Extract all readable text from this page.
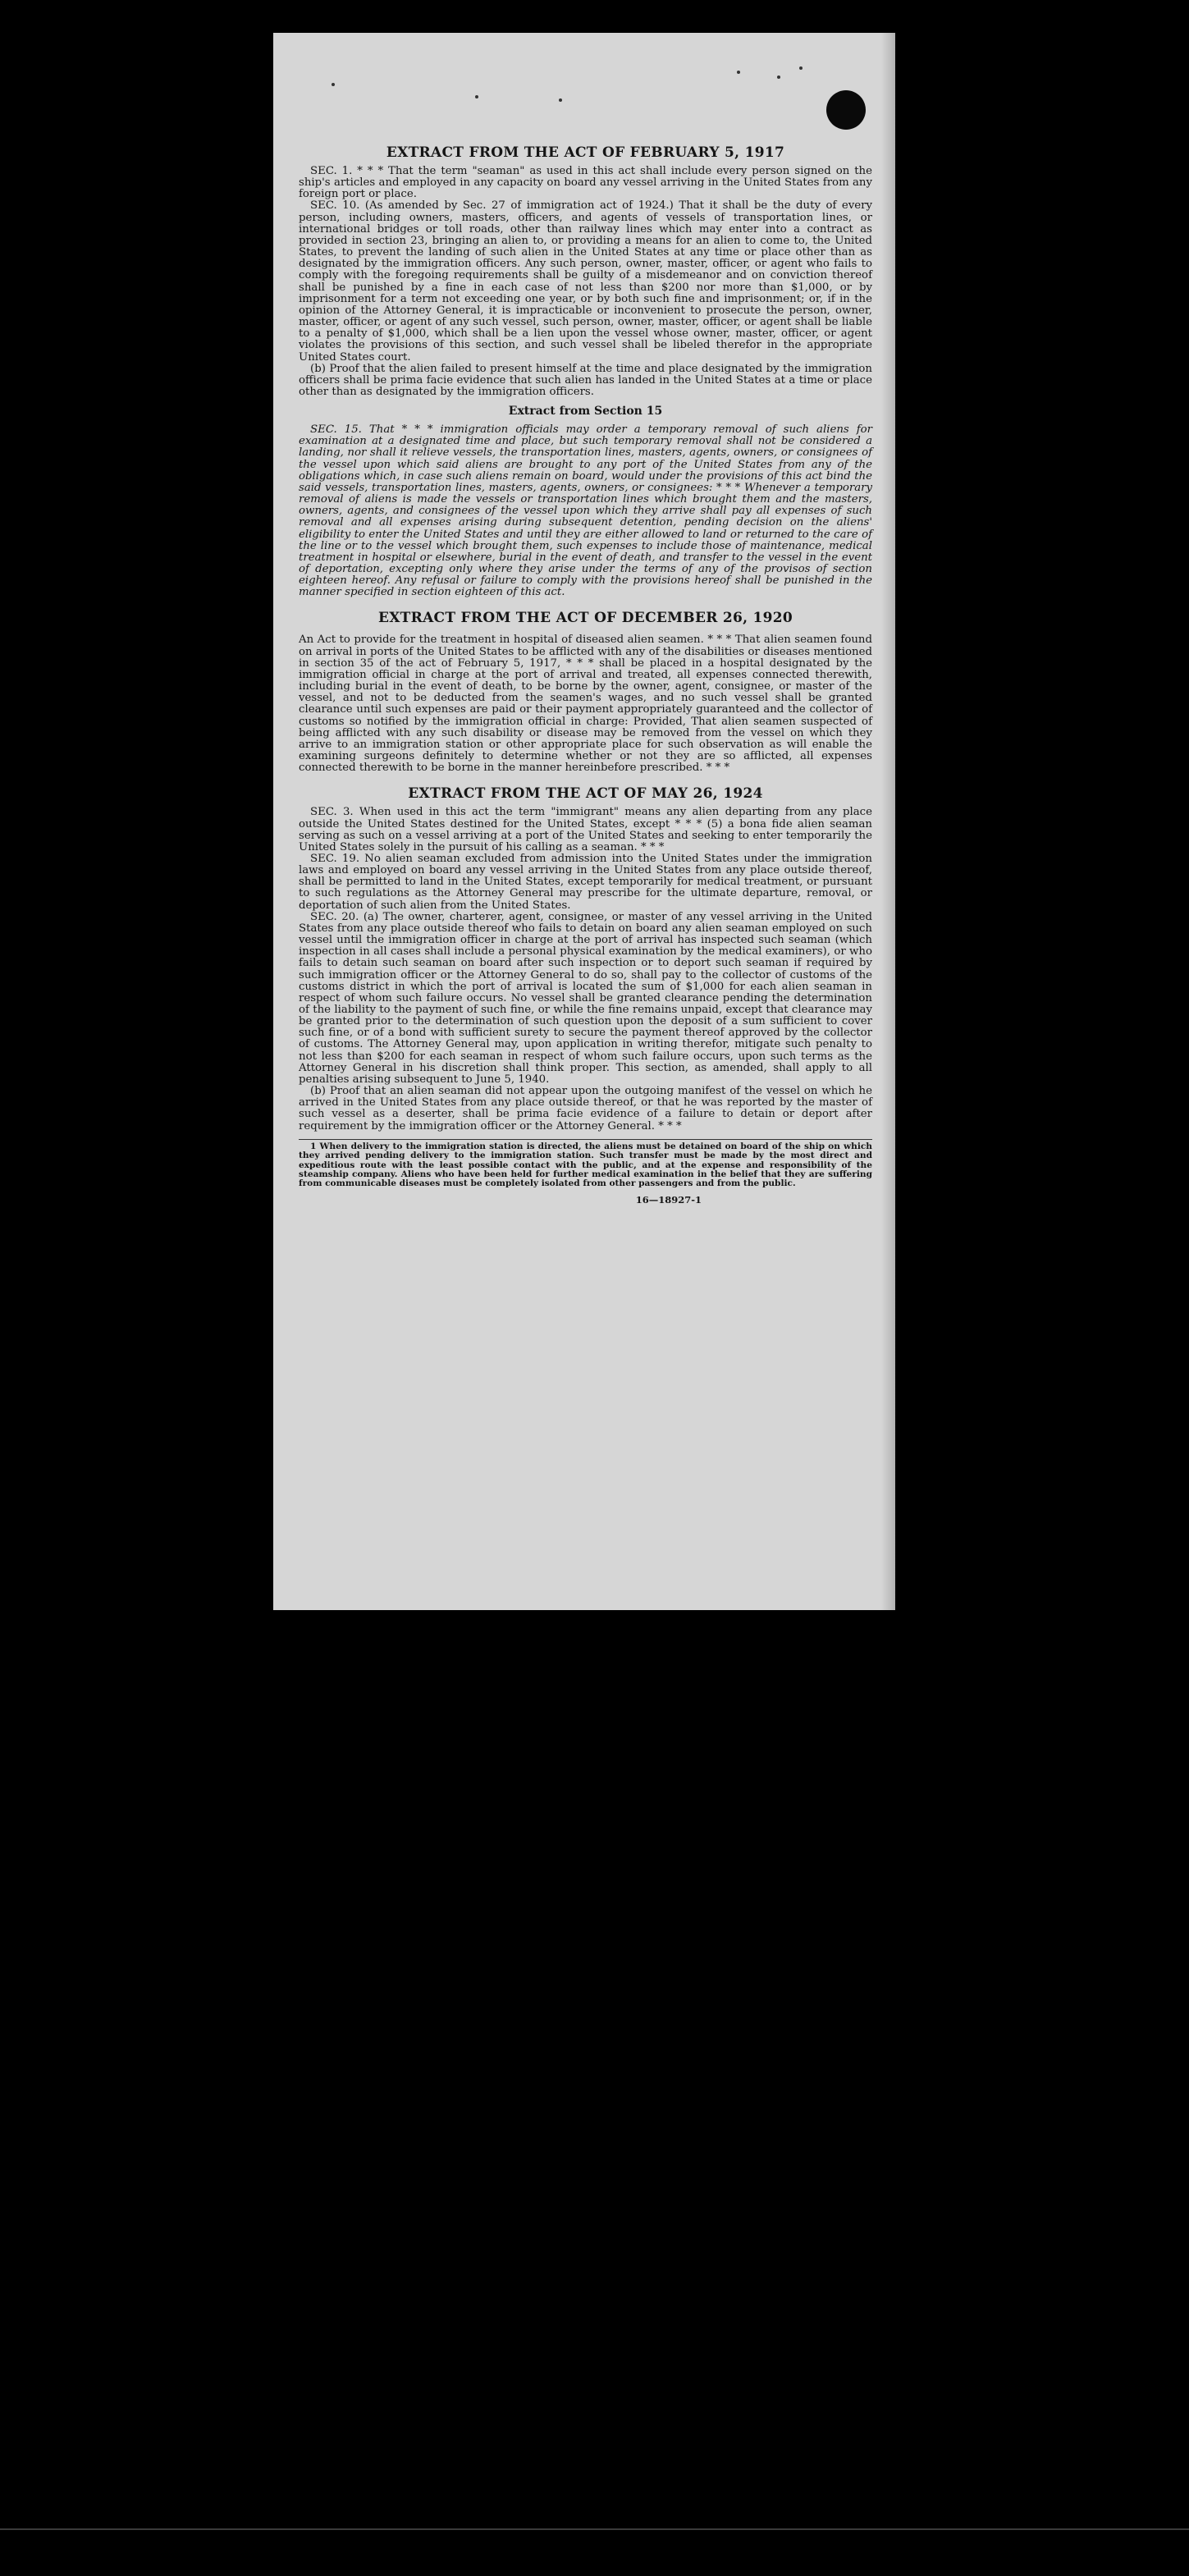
EXTRACT FROM THE ACT OF FEBRUARY 5, 1917

SEC. 1. * * * That the term "seaman" as used in this act shall include every person signed on the ship's articles and employed in any capacity on board any vessel arriving in the United States from any foreign port or place.

SEC. 10. (As amended by Sec. 27 of immigration act of 1924.) That it shall be the duty of every person, including owners, masters, officers, and agents of vessels of transportation lines, or international bridges or toll roads, other than railway lines which may enter into a contract as provided in section 23, bringing an alien to, or providing a means for an alien to come to, the United States, to prevent the landing of such alien in the United States at any time or place other than as designated by the immigration officers. Any such person, owner, master, officer, or agent who fails to comply with the foregoing requirements shall be guilty of a misdemeanor and on conviction thereof shall be punished by a fine in each case of not less than $200 nor more than $1,000, or by imprisonment for a term not exceeding one year, or by both such fine and imprisonment; or, if in the opinion of the Attorney General, it is impracticable or inconvenient to prosecute the person, owner, master, officer, or agent of any such vessel, such person, owner, master, officer, or agent shall be liable to a penalty of $1,000, which shall be a lien upon the vessel whose owner, master, officer, or agent violates the provisions of this section, and such vessel shall be libeled therefor in the appropriate United States court.

(b) Proof that the alien failed to present himself at the time and place designated by the immigration officers shall be prima facie evidence that such alien has landed in the United States at a time or place other than as designated by the immigration officers.

Extract from Section 15

SEC. 15. That * * * immigration officials may order a temporary removal of such aliens for examination at a designated time and place, but such temporary removal shall not be considered a landing, nor shall it relieve vessels, the transportation lines, masters, agents, owners, or consignees of the vessel upon which said aliens are brought to any port of the United States from any of the obligations which, in case such aliens remain on board, would under the provisions of this act bind the said vessels, transportation lines, masters, agents, owners, or consignees: * * * Whenever a temporary removal of aliens is made the vessels or transportation lines which brought them and the masters, owners, agents, and consignees of the vessel upon which they arrive shall pay all expenses of such removal and all expenses arising during subsequent detention, pending decision on the aliens' eligibility to enter the United States and until they are either allowed to land or returned to the care of the line or to the vessel which brought them, such expenses to include those of maintenance, medical treatment in hospital or elsewhere, burial in the event of death, and transfer to the vessel in the event of deportation, excepting only where they arise under the terms of any of the provisos of section eighteen hereof. Any refusal or failure to comply with the provisions hereof shall be punished in the manner specified in section eighteen of this act.

EXTRACT FROM THE ACT OF DECEMBER 26, 1920

An Act to provide for the treatment in hospital of diseased alien seamen. * * * That alien seamen found on arrival in ports of the United States to be afflicted with any of the disabilities or diseases mentioned in section 35 of the act of February 5, 1917, * * * shall be placed in a hospital designated by the immigration official in charge at the port of arrival and treated, all expenses connected therewith, including burial in the event of death, to be borne by the owner, agent, consignee, or master of the vessel, and not to be deducted from the seamen's wages, and no such vessel shall be granted clearance until such expenses are paid or their payment appropriately guaranteed and the collector of customs so notified by the immigration official in charge: Provided, That alien seamen suspected of being afflicted with any such disability or disease may be removed from the vessel on which they arrive to an immigration station or other appropriate place for such observation as will enable the examining surgeons definitely to determine whether or not they are so afflicted, all expenses connected therewith to be borne in the manner hereinbefore prescribed. * * *

EXTRACT FROM THE ACT OF MAY 26, 1924

SEC. 3. When used in this act the term "immigrant" means any alien departing from any place outside the United States destined for the United States, except * * * (5) a bona fide alien seaman serving as such on a vessel arriving at a port of the United States and seeking to enter temporarily the United States solely in the pursuit of his calling as a seaman. * * *

SEC. 19. No alien seaman excluded from admission into the United States under the immigration laws and employed on board any vessel arriving in the United States from any place outside thereof, shall be permitted to land in the United States, except temporarily for medical treatment, or pursuant to such regulations as the Attorney General may prescribe for the ultimate departure, removal, or deportation of such alien from the United States.

SEC. 20. (a) The owner, charterer, agent, consignee, or master of any vessel arriving in the United States from any place outside thereof who fails to detain on board any alien seaman employed on such vessel until the immigration officer in charge at the port of arrival has inspected such seaman (which inspection in all cases shall include a personal physical examination by the medical examiners), or who fails to detain such seaman on board after such inspection or to deport such seaman if required by such immigration officer or the Attorney General to do so, shall pay to the collector of customs of the customs district in which the port of arrival is located the sum of $1,000 for each alien seaman in respect of whom such failure occurs. No vessel shall be granted clearance pending the determination of the liability to the payment of such fine, or while the fine remains unpaid, except that clearance may be granted prior to the determination of such question upon the deposit of a sum sufficient to cover such fine, or of a bond with sufficient surety to secure the payment thereof approved by the collector of customs. The Attorney General may, upon application in writing therefor, mitigate such penalty to not less than $200 for each seaman in respect of whom such failure occurs, upon such terms as the Attorney General in his discretion shall think proper. This section, as amended, shall apply to all penalties arising subsequent to June 5, 1940.

(b) Proof that an alien seaman did not appear upon the outgoing manifest of the vessel on which he arrived in the United States from any place outside thereof, or that he was reported by the master of such vessel as a deserter, shall be prima facie evidence of a failure to detain or deport after requirement by the immigration officer or the Attorney General. * * *

1 When delivery to the immigration station is directed, the aliens must be detained on board of the ship on which they arrived pending delivery to the immigration station. Such transfer must be made by the most direct and expeditious route with the least possible contact with the public, and at the expense and responsibility of the steamship company. Aliens who have been held for further medical examination in the belief that they are suffering from communicable diseases must be completely isolated from other passengers and from the public.

16—18927-1
